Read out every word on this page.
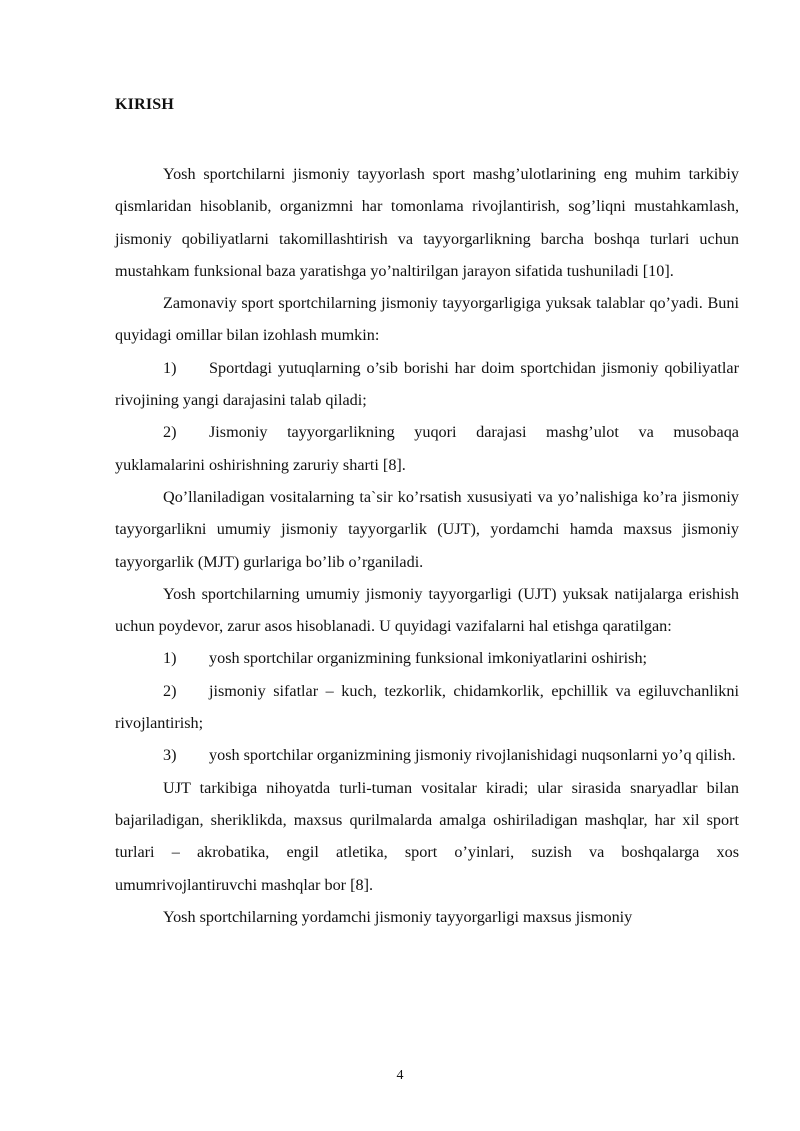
KIRISH

Yosh sportchilarni jismoniy tayyorlash sport mashg’ulotlarining eng muhim tarkibiy qismlaridan hisoblanib, organizmni har tomonlama rivojlantirish, sog’liqni mustahkamlash, jismoniy qobiliyatlarni takomillashtirish va tayyorgarlikning barcha boshqa turlari uchun mustahkam funksional baza yaratishga yo’naltirilgan jarayon sifatida tushuniladi [10].

Zamonaviy sport sportchilarning jismoniy tayyorgarligiga yuksak talablar qo’yadi. Buni quyidagi omillar bilan izohlash mumkin:

1) Sportdagi yutuqlarning o’sib borishi har doim sportchidan jismoniy qobiliyatlar rivojining yangi darajasini talab qiladi;

2) Jismoniy tayyorgarlikning yuqori darajasi mashg’ulot va musobaqa yuklamalarini oshirishning zaruriy sharti [8].

Qo’llaniladigan vositalarning ta`sir ko’rsatish xususiyati va yo’nalishiga ko’ra jismoniy tayyorgarlikni umumiy jismoniy tayyorgarlik (UJT), yordamchi hamda maxsus jismoniy tayyorgarlik (MJT) gurlariga bo’lib o’rganiladi.

Yosh sportchilarning umumiy jismoniy tayyorgarligi (UJT) yuksak natijalarga erishish uchun poydevor, zarur asos hisoblanadi. U quyidagi vazifalarni hal etishga qaratilgan:

1) yosh sportchilar organizmining funksional imkoniyatlarini oshirish;

2) jismoniy sifatlar – kuch, tezkorlik, chidamkorlik, epchillik va egiluvchanlikni rivojlantirish;

3) yosh sportchilar organizmining jismoniy rivojlanishidagi nuqsonlarni yo’q qilish.

UJT tarkibiga nihoyatda turli-tuman vositalar kiradi; ular sirasida snaryadlar bilan bajariladigan, sheriklikda, maxsus qurilmalarda amalga oshiriladigan mashqlar, har xil sport turlari – akrobatika, engil atletika, sport o’yinlari, suzish va boshqalarga xos umumrivojlantiruvchi mashqlar bor [8].

Yosh sportchilarning yordamchi jismoniy tayyorgarligi maxsus jismoniy

4
